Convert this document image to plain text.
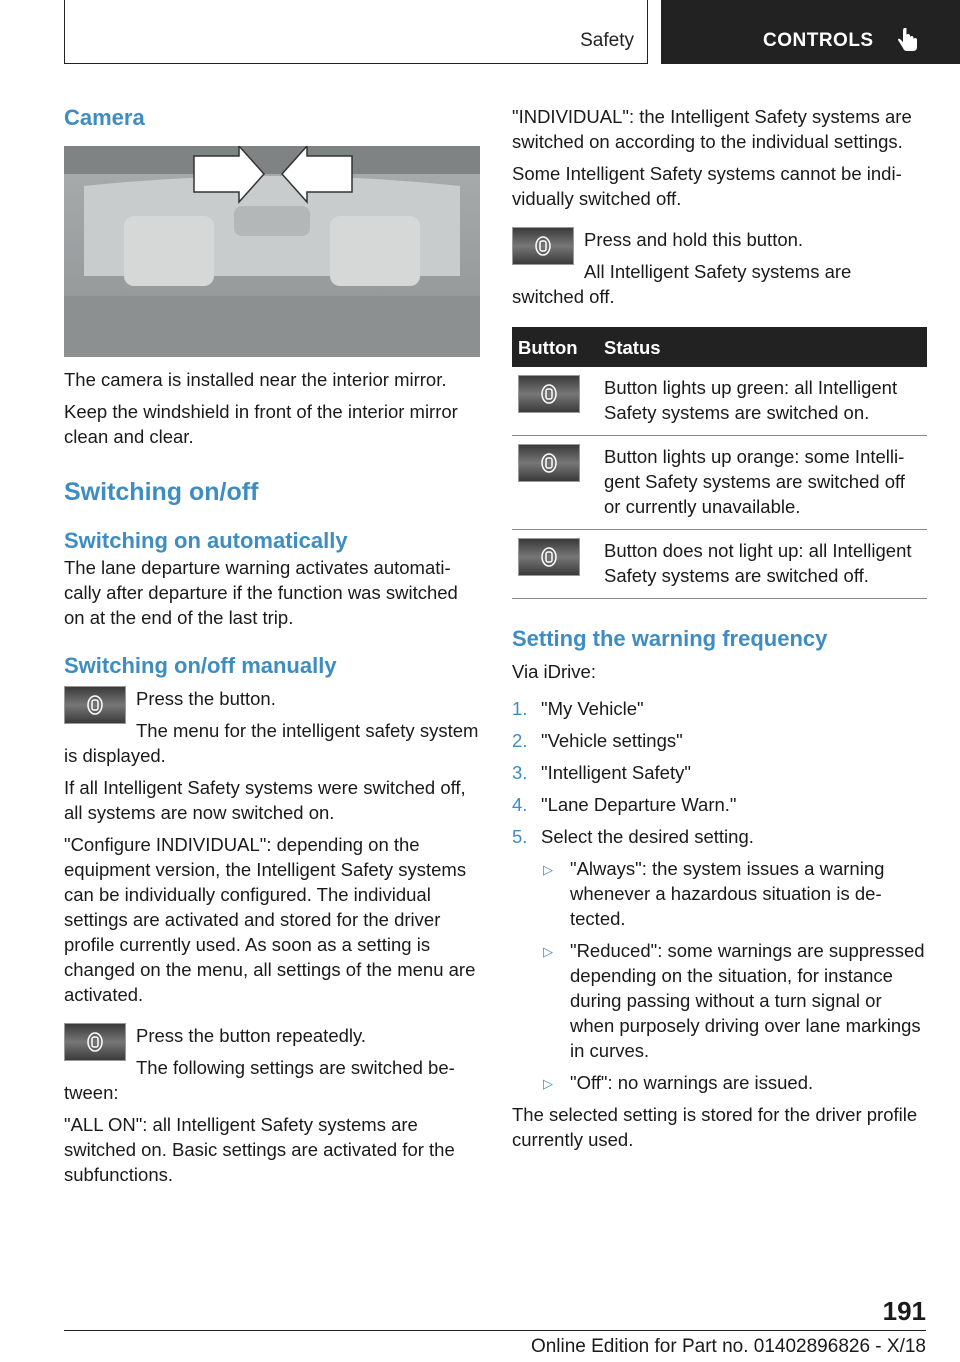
Safety	CONTROLS
Camera

The camera is installed near the interior mirror.

Keep the windshield in front of the interior mirror clean and clear.

Switching on/off
Switching on automatically

The lane departure warning activates automatically after departure if the function was switched on at the end of the last trip.

Switching on/off manually

Press the button.

The menu for the intelligent safety system is displayed.

If all Intelligent Safety systems were switched off, all systems are now switched on.

"Configure INDIVIDUAL": depending on the equipment version, the Intelligent Safety systems can be individually configured. The individual settings are activated and stored for the driver profile currently used. As soon as a setting is changed on the menu, all settings of the menu are activated.

Press the button repeatedly.

The following settings are switched between:

"ALL ON": all Intelligent Safety systems are switched on. Basic settings are activated for the subfunctions.

"INDIVIDUAL": the Intelligent Safety systems are switched on according to the individual settings.

Some Intelligent Safety systems cannot be individually switched off.

Press and hold this button.

All Intelligent Safety systems are switched off.

Button	Status

	Button lights up green: all Intelligent Safety systems are switched on.

	Button lights up orange: some Intelligent Safety systems are switched off or currently unavailable.

	Button does not light up: all Intelligent Safety systems are switched off.
Setting the warning frequency

Via iDrive:

1. "My Vehicle"
2. "Vehicle settings"
3. "Intelligent Safety"
4. "Lane Departure Warn."
5. Select the desired setting.
▷ "Always": the system issues a warning whenever a hazardous situation is detected.
▷ "Reduced": some warnings are suppressed depending on the situation, for instance during passing without a turn signal or when purposely driving over lane markings in curves.
▷ "Off": no warnings are issued.

The selected setting is stored for the driver profile currently used.

191
Online Edition for Part no. 01402896826 - X/18
